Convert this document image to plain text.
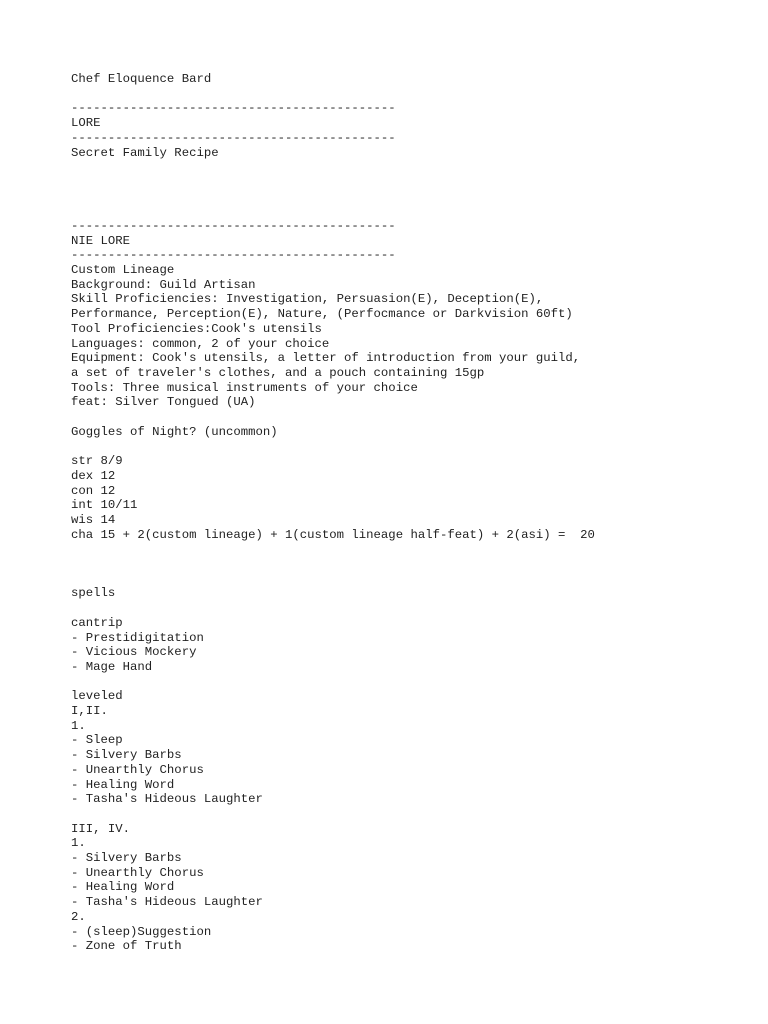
Chef Eloquence Bard
--------------------------------------------
LORE
--------------------------------------------
Secret Family Recipe
--------------------------------------------
NIE LORE
--------------------------------------------
Custom Lineage
Background: Guild Artisan
Skill Proficiencies: Investigation, Persuasion(E), Deception(E),
Performance, Perception(E), Nature, (Perfocmance or Darkvision 60ft)
Tool Proficiencies:Cook's utensils
Languages: common, 2 of your choice
Equipment: Cook's utensils, a letter of introduction from your guild,
a set of traveler's clothes, and a pouch containing 15gp
Tools: Three musical instruments of your choice
feat: Silver Tongued (UA)
Goggles of Night? (uncommon)
str 8/9
dex 12
con 12
int 10/11
wis 14
cha 15 + 2(custom lineage) + 1(custom lineage half-feat) + 2(asi) =  20
spells
cantrip
- Prestidigitation
- Vicious Mockery
- Mage Hand
leveled
I,II.
1.
- Sleep
- Silvery Barbs
- Unearthly Chorus
- Healing Word
- Tasha's Hideous Laughter
III, IV.
1.
- Silvery Barbs
- Unearthly Chorus
- Healing Word
- Tasha's Hideous Laughter
2.
- (sleep)Suggestion
- Zone of Truth
